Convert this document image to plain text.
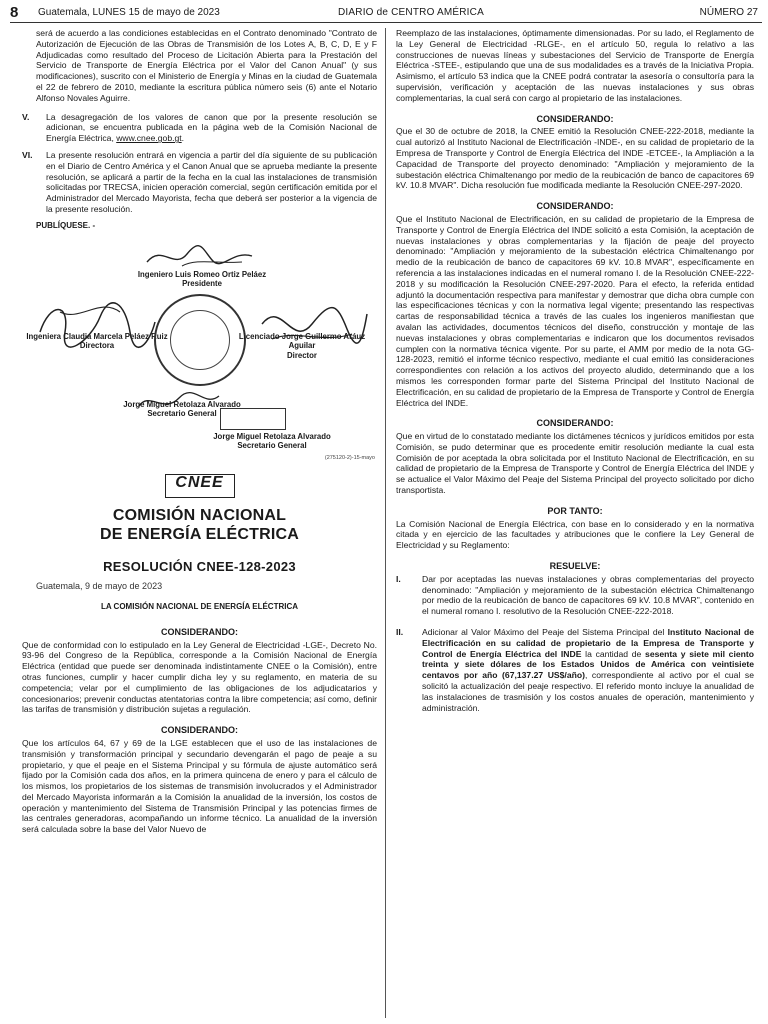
8 Guatemala, LUNES 15 de mayo de 2023	DIARIO de CENTRO AMÉRICA	NÚMERO 27
será de acuerdo a las condiciones establecidas en el Contrato denominado "Contrato de Autorización de Ejecución de las Obras de Transmisión de los Lotes A, B, C, D, E y F Adjudicadas como resultado del Proceso de Licitación Abierta para la Prestación del Servicio de Transporte de Energía Eléctrica por el Valor del Canon Anual" (y sus modificaciones), suscrito con el Ministerio de Energía y Minas en la ciudad de Guatemala el 22 de febrero de 2010, mediante la escritura pública número seis (6) ante el Notario Alfonso Novales Aguirre.
V.	La desagregación de los valores de canon que por la presente resolución se adicionan, se encuentra publicada en la página web de la Comisión Nacional de Energía Eléctrica, www.cnee.gob.gt.
VI.	La presente resolución entrará en vigencia a partir del día siguiente de su publicación en el Diario de Centro América y el Canon Anual que se aprueba mediante la presente resolución, se aplicará a partir de la fecha en la cual las instalaciones de transmisión solicitadas por TRECSA, inicien operación comercial, según certificación emitida por el Administrador del Mercado Mayorista, fecha que deberá ser posterior a la vigencia de la presente resolución.
PUBLÍQUESE. -
Ingeniero Luis Romeo Ortiz Peláez
Presidente
Ingeniera Claudia Marcela Peláez Ruiz
Directora
Licenciado Jorge Guillermo Aráuz Aguilar
Director
Jorge Miguel Retolaza Alvarado
Secretario General
Jorge Miguel Retolaza Alvarado
Secretario General
(275120-2)-15-mayo
CNEE
COMISIÓN NACIONAL
DE ENERGÍA ELÉCTRICA
RESOLUCIÓN CNEE-128-2023
Guatemala, 9 de mayo de 2023
LA COMISIÓN NACIONAL DE ENERGÍA ELÉCTRICA
CONSIDERANDO:
Que de conformidad con lo estipulado en la Ley General de Electricidad -LGE-, Decreto No. 93-96 del Congreso de la República, corresponde a la Comisión Nacional de Energía Eléctrica (entidad que puede ser denominada indistintamente CNEE o la Comisión), entre otras funciones, cumplir y hacer cumplir dicha ley y su reglamento, en materia de su competencia; velar por el cumplimiento de las obligaciones de los adjudicatarios y concesionarios; prevenir conductas atentatorias contra la libre competencia; así como, definir las tarifas de transmisión y distribución sujetas a regulación.
CONSIDERANDO:
Que los artículos 64, 67 y 69 de la LGE establecen que el uso de las instalaciones de transmisión y transformación principal y secundario devengarán el pago de peaje a su propietario, y que el peaje en el Sistema Principal y su fórmula de ajuste automático será fijado por la Comisión cada dos años, en la primera quincena de enero y para el cálculo de los mismos, los propietarios de los sistemas de transmisión involucrados y el Administrador del Mercado Mayorista informarán a la Comisión la anualidad de la inversión, los costos de operación y mantenimiento del Sistema de Transmisión Principal y las potencias firmes de las centrales generadoras, acompañando un informe técnico. La anualidad de la inversión será calculada sobre la base del Valor Nuevo de
Reemplazo de las instalaciones, óptimamente dimensionadas. Por su lado, el Reglamento de la Ley General de Electricidad -RLGE-, en el artículo 50, regula lo relativo a las construcciones de nuevas líneas y subestaciones del Servicio de Transporte de Energía Eléctrica -STEE-, estipulando que una de sus modalidades es a través de la Iniciativa Propia. Asimismo, el artículo 53 indica que la CNEE podrá contratar la asesoría o consultoría para la supervisión, verificación y aceptación de las nuevas instalaciones y sus obras complementarias, la cual será con cargo al propietario de las instalaciones.
CONSIDERANDO:
Que el 30 de octubre de 2018, la CNEE emitió la Resolución CNEE-222-2018, mediante la cual autorizó al Instituto Nacional de Electrificación -INDE-, en su calidad de propietario de la Empresa de Transporte y Control de Energía Eléctrica del INDE -ETCEE-, la Ampliación a la Capacidad de Transporte del proyecto denominado: "Ampliación y mejoramiento de la subestación eléctrica Chimaltenango por medio de la reubicación de banco de capacitores 69 kV. 10.8 MVAR". Dicha resolución fue modificada mediante la Resolución CNEE-297-2020.
CONSIDERANDO:
Que el Instituto Nacional de Electrificación, en su calidad de propietario de la Empresa de Transporte y Control de Energía Eléctrica del INDE solicitó a esta Comisión, la aceptación de nuevas instalaciones y obras complementarias y la fijación de peaje del proyecto denominado: "Ampliación y mejoramiento de la subestación eléctrica Chimaltenango por medio de la reubicación de banco de capacitores 69 kV. 10.8 MVAR", específicamente en referencia a las instalaciones indicadas en el numeral romano I. de la Resolución CNEE-222-2018 y su modificación la Resolución CNEE-297-2020. Para el efecto, la referida entidad adjuntó la documentación respectiva para manifestar y demostrar que dicha obra cumple con las especificaciones técnicas y con la normativa legal vigente; presentando las respectivas cartas de responsabilidad técnica a través de las cuales los ingenieros manifiestan que avalan las actividades, documentos técnicos del diseño, construcción y montaje de las nuevas instalaciones y obras complementarias e indicaron que los documentos revisados cumplen con la normativa técnica vigente. Por su parte, el AMM por medio de la nota GG-128-2023, remitió el informe técnico respectivo, mediante el cual emitió las consideraciones correspondientes con relación a los activos del proyecto aludido, determinando que a los mismos les corresponden formar parte del Sistema Principal del Instituto Nacional de Electrificación, en su calidad de propietario de la Empresa de Transporte y Control de Energía Eléctrica del INDE.
CONSIDERANDO:
Que en virtud de lo constatado mediante los dictámenes técnicos y jurídicos emitidos por esta Comisión, se pudo determinar que es procedente emitir resolución mediante la cual esta Comisión de por aceptada la obra solicitada por el Instituto Nacional de Electrificación, en su calidad de propietario de la Empresa de Transporte y Control de Energía Eléctrica del INDE y se actualice el Valor Máximo del Peaje del Sistema Principal del proyecto solicitado por dicho transportista.
POR TANTO:
La Comisión Nacional de Energía Eléctrica, con base en lo considerado y en la normativa citada y en ejercicio de las facultades y atribuciones que le confiere la Ley General de Electricidad y su Reglamento:
RESUELVE:
I.	Dar por aceptadas las nuevas instalaciones y obras complementarias del proyecto denominado: "Ampliación y mejoramiento de la subestación eléctrica Chimaltenango por medio de la reubicación de banco de capacitores 69 kV. 10.8 MVAR", contenido en el numeral romano I. resolutivo de la Resolución CNEE-222-2018.
II.	Adicionar al Valor Máximo del Peaje del Sistema Principal del Instituto Nacional de Electrificación en su calidad de propietario de la Empresa de Transporte y Control de Energía Eléctrica del INDE la cantidad de sesenta y siete mil ciento treinta y siete dólares de los Estados Unidos de América con veintisiete centavos por año (67,137.27 US$/año), correspondiente al activo por el cual se solicitó la actualización del peaje respectivo. El referido monto incluye la anualidad de las instalaciones de trasmisión y los costos anuales de operación, mantenimiento y administración.
